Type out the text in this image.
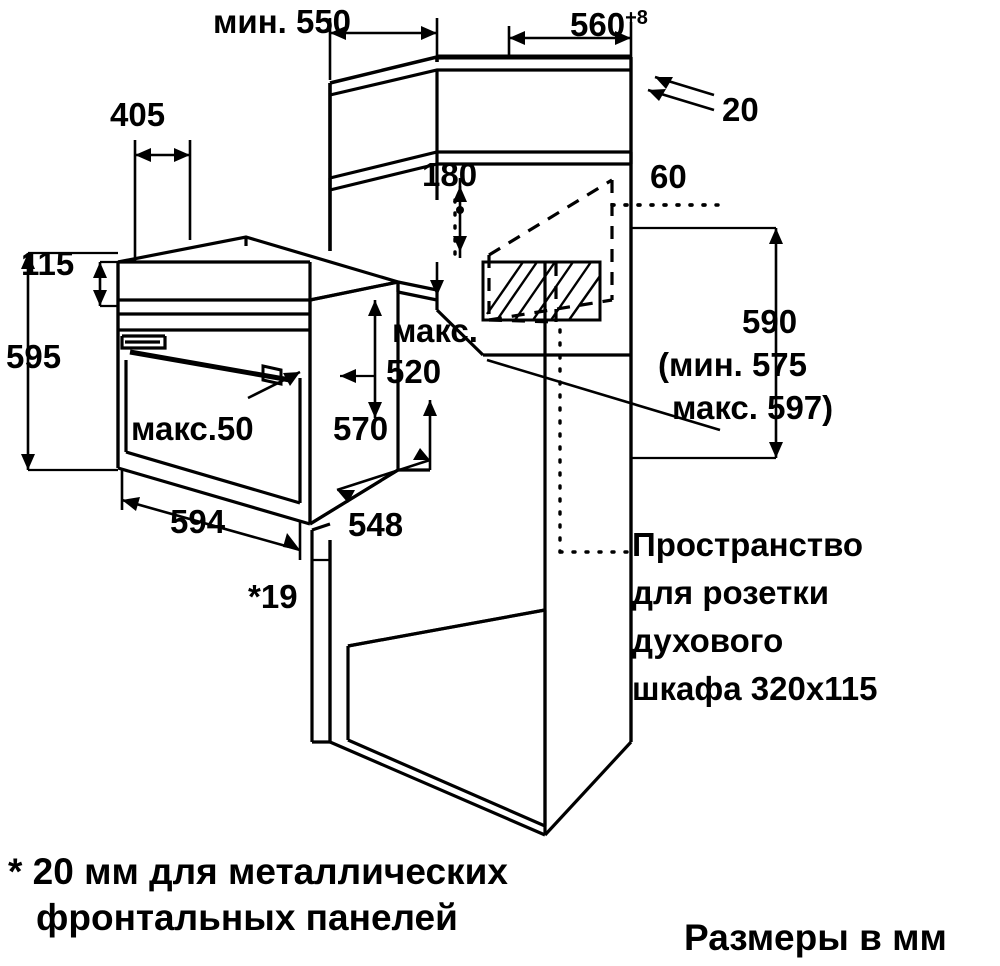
мин. 550	$560^{+8}$
20
180	60
405
115
595
макс.
520
570
макс.50
594	548
*19
590
(мин. 575
макс. 597)
Пространство
для розетки
духового
шкафа 320х115
* 20 мм для металлических
фронтальных панелей	Размеры в мм
